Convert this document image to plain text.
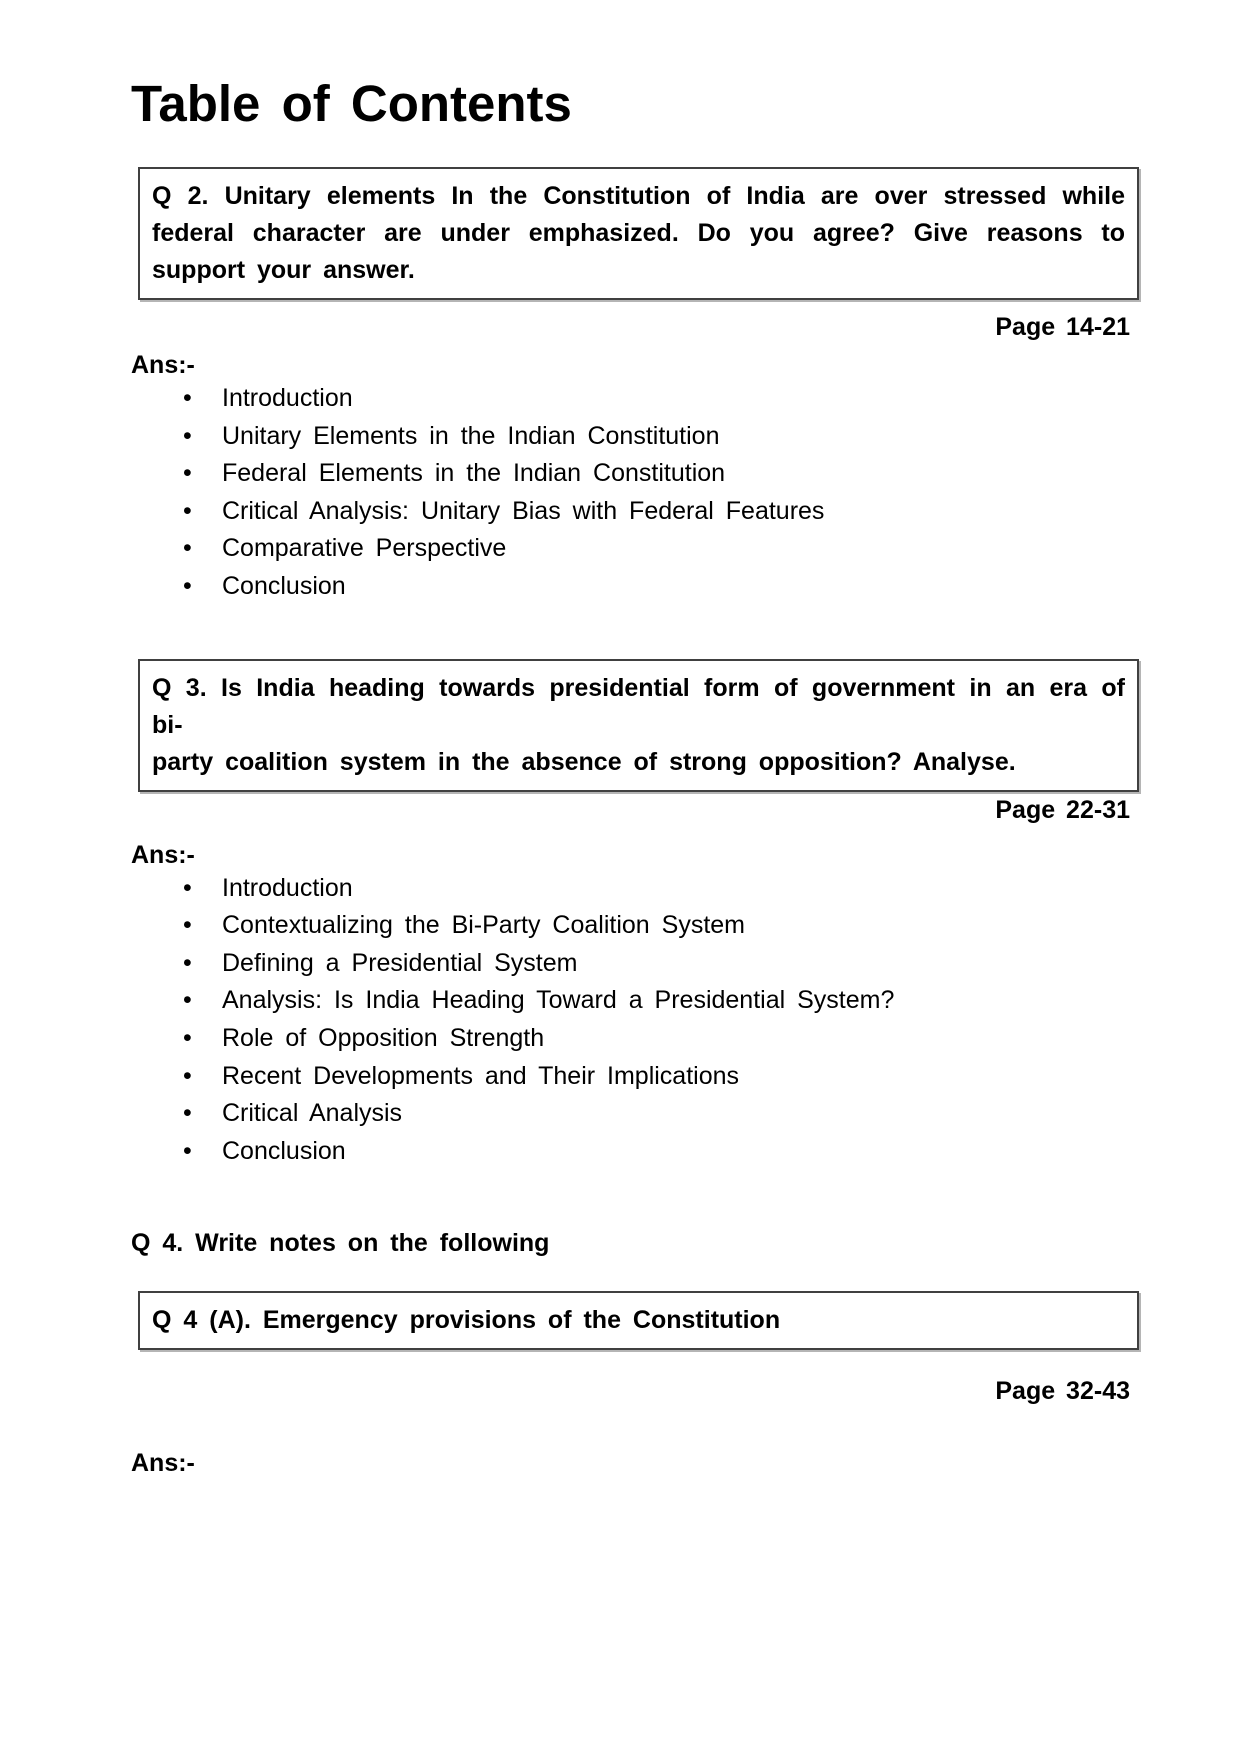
Table of Contents
Q 2. Unitary elements In the Constitution of India are over stressed while
federal character are under emphasized. Do you agree? Give reasons to
support your answer.
Page 14-21
Ans:-
• Introduction
• Unitary Elements in the Indian Constitution
• Federal Elements in the Indian Constitution
• Critical Analysis: Unitary Bias with Federal Features
• Comparative Perspective
• Conclusion
Q 3. Is India heading towards presidential form of government in an era of bi-
party coalition system in the absence of strong opposition? Analyse.
Page 22-31
Ans:-
• Introduction
• Contextualizing the Bi-Party Coalition System
• Defining a Presidential System
• Analysis: Is India Heading Toward a Presidential System?
• Role of Opposition Strength
• Recent Developments and Their Implications
• Critical Analysis
• Conclusion
Q 4. Write notes on the following
Q 4 (A). Emergency provisions of the Constitution
Page 32-43
Ans:-
